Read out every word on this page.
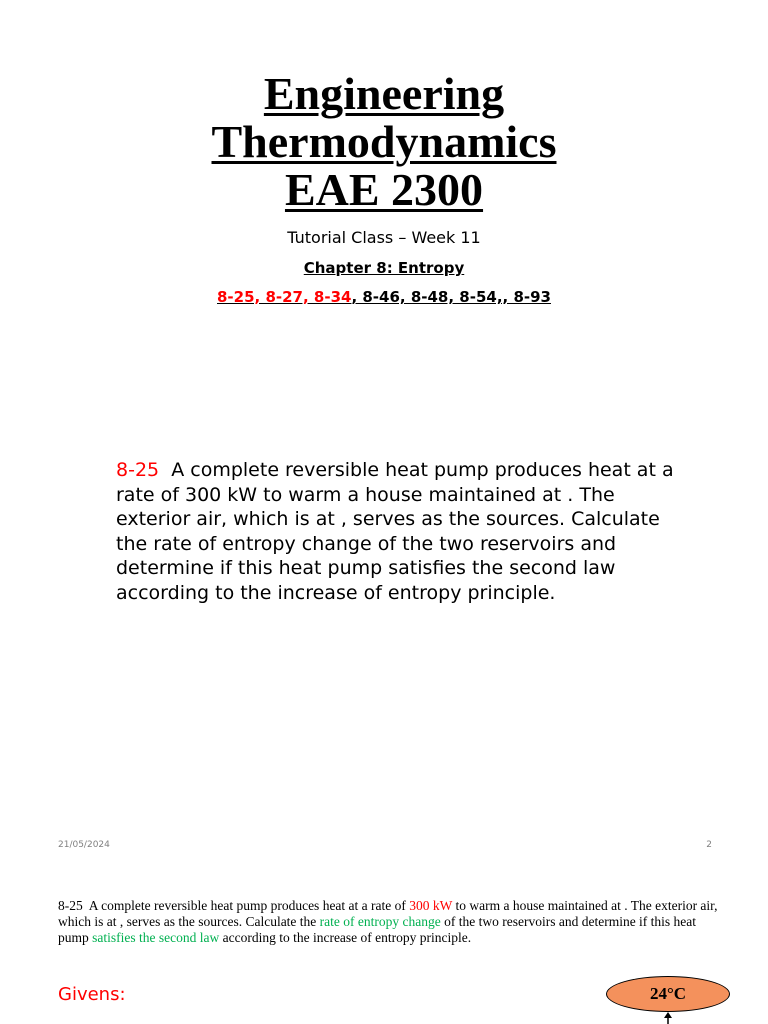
Engineering
Thermodynamics
EAE 2300
Tutorial Class – Week 11
Chapter 8: Entropy
8-25, 8-27, 8-34, 8-46, 8-48, 8-54,, 8-93
8-25 A complete reversible heat pump produces heat at a rate of 300 kW to warm a house maintained at . The exterior air, which is at , serves as the sources. Calculate the rate of entropy change of the two reservoirs and determine if this heat pump satisfies the second law according to the increase of entropy principle.
21/05/2024	2
8-25 A complete reversible heat pump produces heat at a rate of 300 kW to warm a house maintained at . The exterior air, which is at , serves as the sources. Calculate the rate of entropy change of the two reservoirs and determine if this heat pump satisfies the second law according to the increase of entropy principle.
Givens:	24°C
